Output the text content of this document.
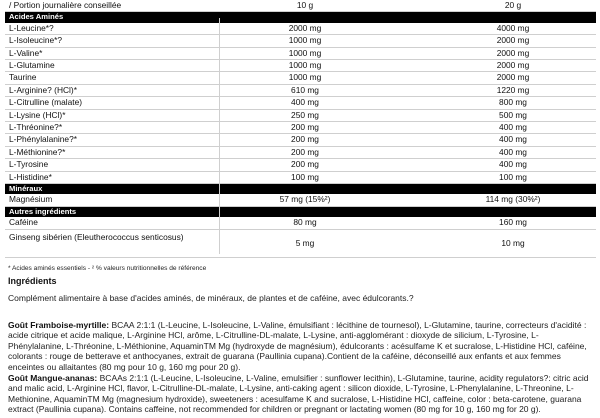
/ Portion journalière conseillée	10 g	20 g
Acides Aminés
L-Leucine*?	2000 mg	4000 mg
L-Isoleucine*?	1000 mg	2000 mg
L-Valine*	1000 mg	2000 mg
L-Glutamine	1000 mg	2000 mg
Taurine	1000 mg	2000 mg
L-Arginine? (HCl)*	610 mg	1220 mg
L-Citrulline (malate)	400 mg	800 mg
L-Lysine (HCl)*	250 mg	500 mg
L-Thréonine?*	200 mg	400 mg
L-Phénylalanine?*	200 mg	400 mg
L-Méthionine?*	200 mg	400 mg
L-Tyrosine	200 mg	400 mg
L-Histidine*	100 mg	100 mg
Minéraux
Magnésium	57 mg (15%²)	114 mg (30%²)
Autres ingrédients
Caféine	80 mg	160 mg
Ginseng sibérien (Eleutherococcus senticosus)
5 mg	10 mg
* Acides aminés essentiels - ² % valeurs nutritionnelles de référence
Ingrédients
Complément alimentaire à base d'acides aminés, de minéraux, de plantes et de caféine, avec édulcorants.?
Goût Framboise-myrtille: BCAA 2:1:1 (L-Leucine, L-Isoleucine, L-Valine, émulsifiant : lécithine de tournesol), L-Glutamine, taurine, correcteurs d'acidité : acide citrique et acide malique, L-Arginine HCl, arôme, L-Citrulline-DL-malate, L-Lysine, anti-agglomérant : dioxyde de silicium, L-Tyrosine, L-Phénylalanine, L-Thréonine, L-Méthionine, AquaminTM Mg (hydroxyde de magnésium), édulcorants : acésulfame K et sucralose, L-Histidine HCl, caféine, colorants : rouge de betterave et anthocyanes, extrait de guarana (Paullinia cupana).Contient de la caféine, déconseillé aux enfants et aux femmes enceintes ou allaitantes (80 mg pour 10 g, 160 mg pour 20 g).
Goût Mangue-ananas: BCAAs 2:1:1 (L-Leucine, L-Isoleucine, L-Valine, emulsifier : sunflower lecithin), L-Glutamine, taurine, acidity regulators?: citric acid and malic acid, L-Arginine HCl, flavor, L-Citrulline-DL-malate, L-Lysine, anti-caking agent : silicon dioxide, L-Tyrosine, L-Phenylalanine, L-Threonine, L-Methionine, AquaminTM Mg (magnesium hydroxide), sweeteners : acesulfame K and sucralose, L-Histidine HCl, caffeine, color : beta-carotene, guarana extract (Paullinia cupana). Contains caffeine, not recommended for children or pregnant or lactating women (80 mg for 10 g, 160 mg for 20 g).
